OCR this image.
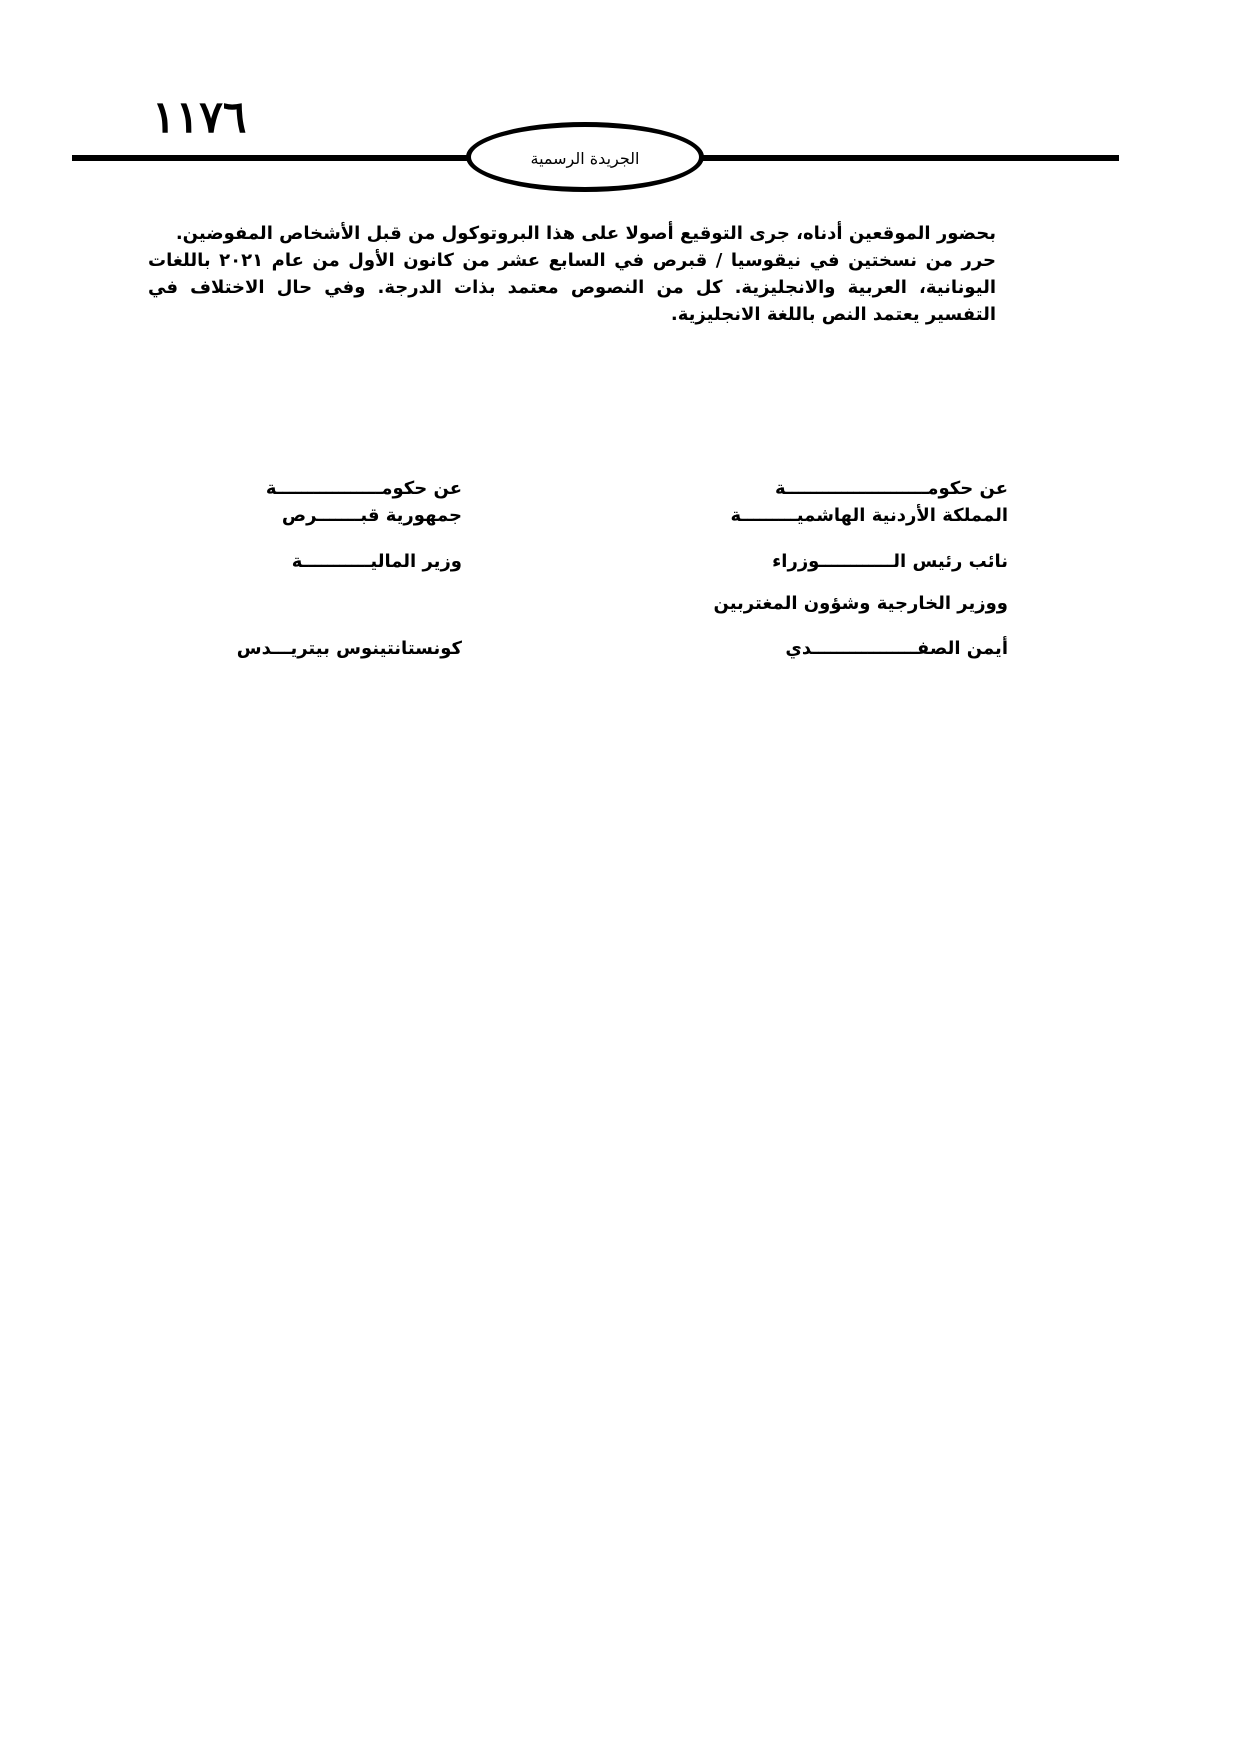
١١٧٦
الجريدة الرسمية

بحضور الموقعين أدناه، جرى التوقيع أصولا على هذا البروتوكول من قبل الأشخاص المفوضين.

حرر من نسختين في نيقوسيا / قبرص في السابع عشر من كانون الأول من عام ٢٠٢١ باللغات اليونانية، العربية والانجليزية. كل من النصوص معتمد بذات الدرجة. وفي حال الاختلاف في التفسير يعتمد النص باللغة الانجليزية.

عن حكومـــــــــــــــــــــــة
المملكة الأردنية الهاشميـــــــــة
نائب رئيس الــــــــــــوزراء
ووزير الخارجية وشؤون المغتربين
أيمن الصفـــــــــــــــــدي
عن حكومـــــــــــــــــة
جمهورية قبـــــــرص
وزير الماليـــــــــــة
كونستانتينوس بيتريـــدس
